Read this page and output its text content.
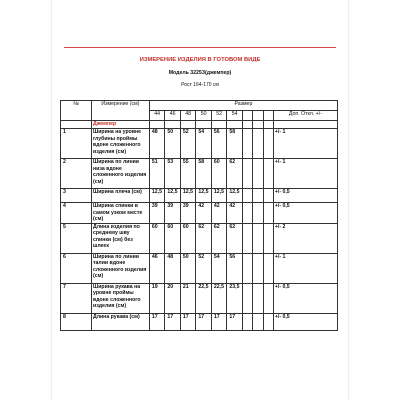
ИЗМЕРЕНИЕ ИЗДЕЛИЯ В ГОТОВОМ ВИДЕ
Модель 3225З(джемпер)
Рост 164-170 см
№	Измерение (см)	Размер									
		44	46	48	50	52	54				Доп. Откл. +/-
	Джемпер										
1	Ширина на уровне глубины проймы вдоне сложенного изделия (см)	48	50	52	54	56	58				+/- 1
2	Ширина по линии низа вдоне сложенного изделия (см)	51	53	55	58	60	62				+/- 1
3	Ширина плеча (см)	12,5	12,5	12,5	12,5	12,5	12,5				+/- 0,5
4	Ширина спинки в самом узком месте (см)	39	39	39	42	42	42				+/- 0,5
5	Длина изделия по среднему шву спинки (см) без шлеек	60	60	60	62	62	62				+/- 2
6	Ширина по линии талии вдоне сложенного изделия (см)	46	48	50	52	54	56				+/- 1
7	Ширина рукава на уровне проймы вдоне сложенного изделия (см)	19	20	21	22,5	22,5	23,5				+/- 0,5
8	Длина рукава (см)	17	17	17	17	17	17				+/- 0,5
